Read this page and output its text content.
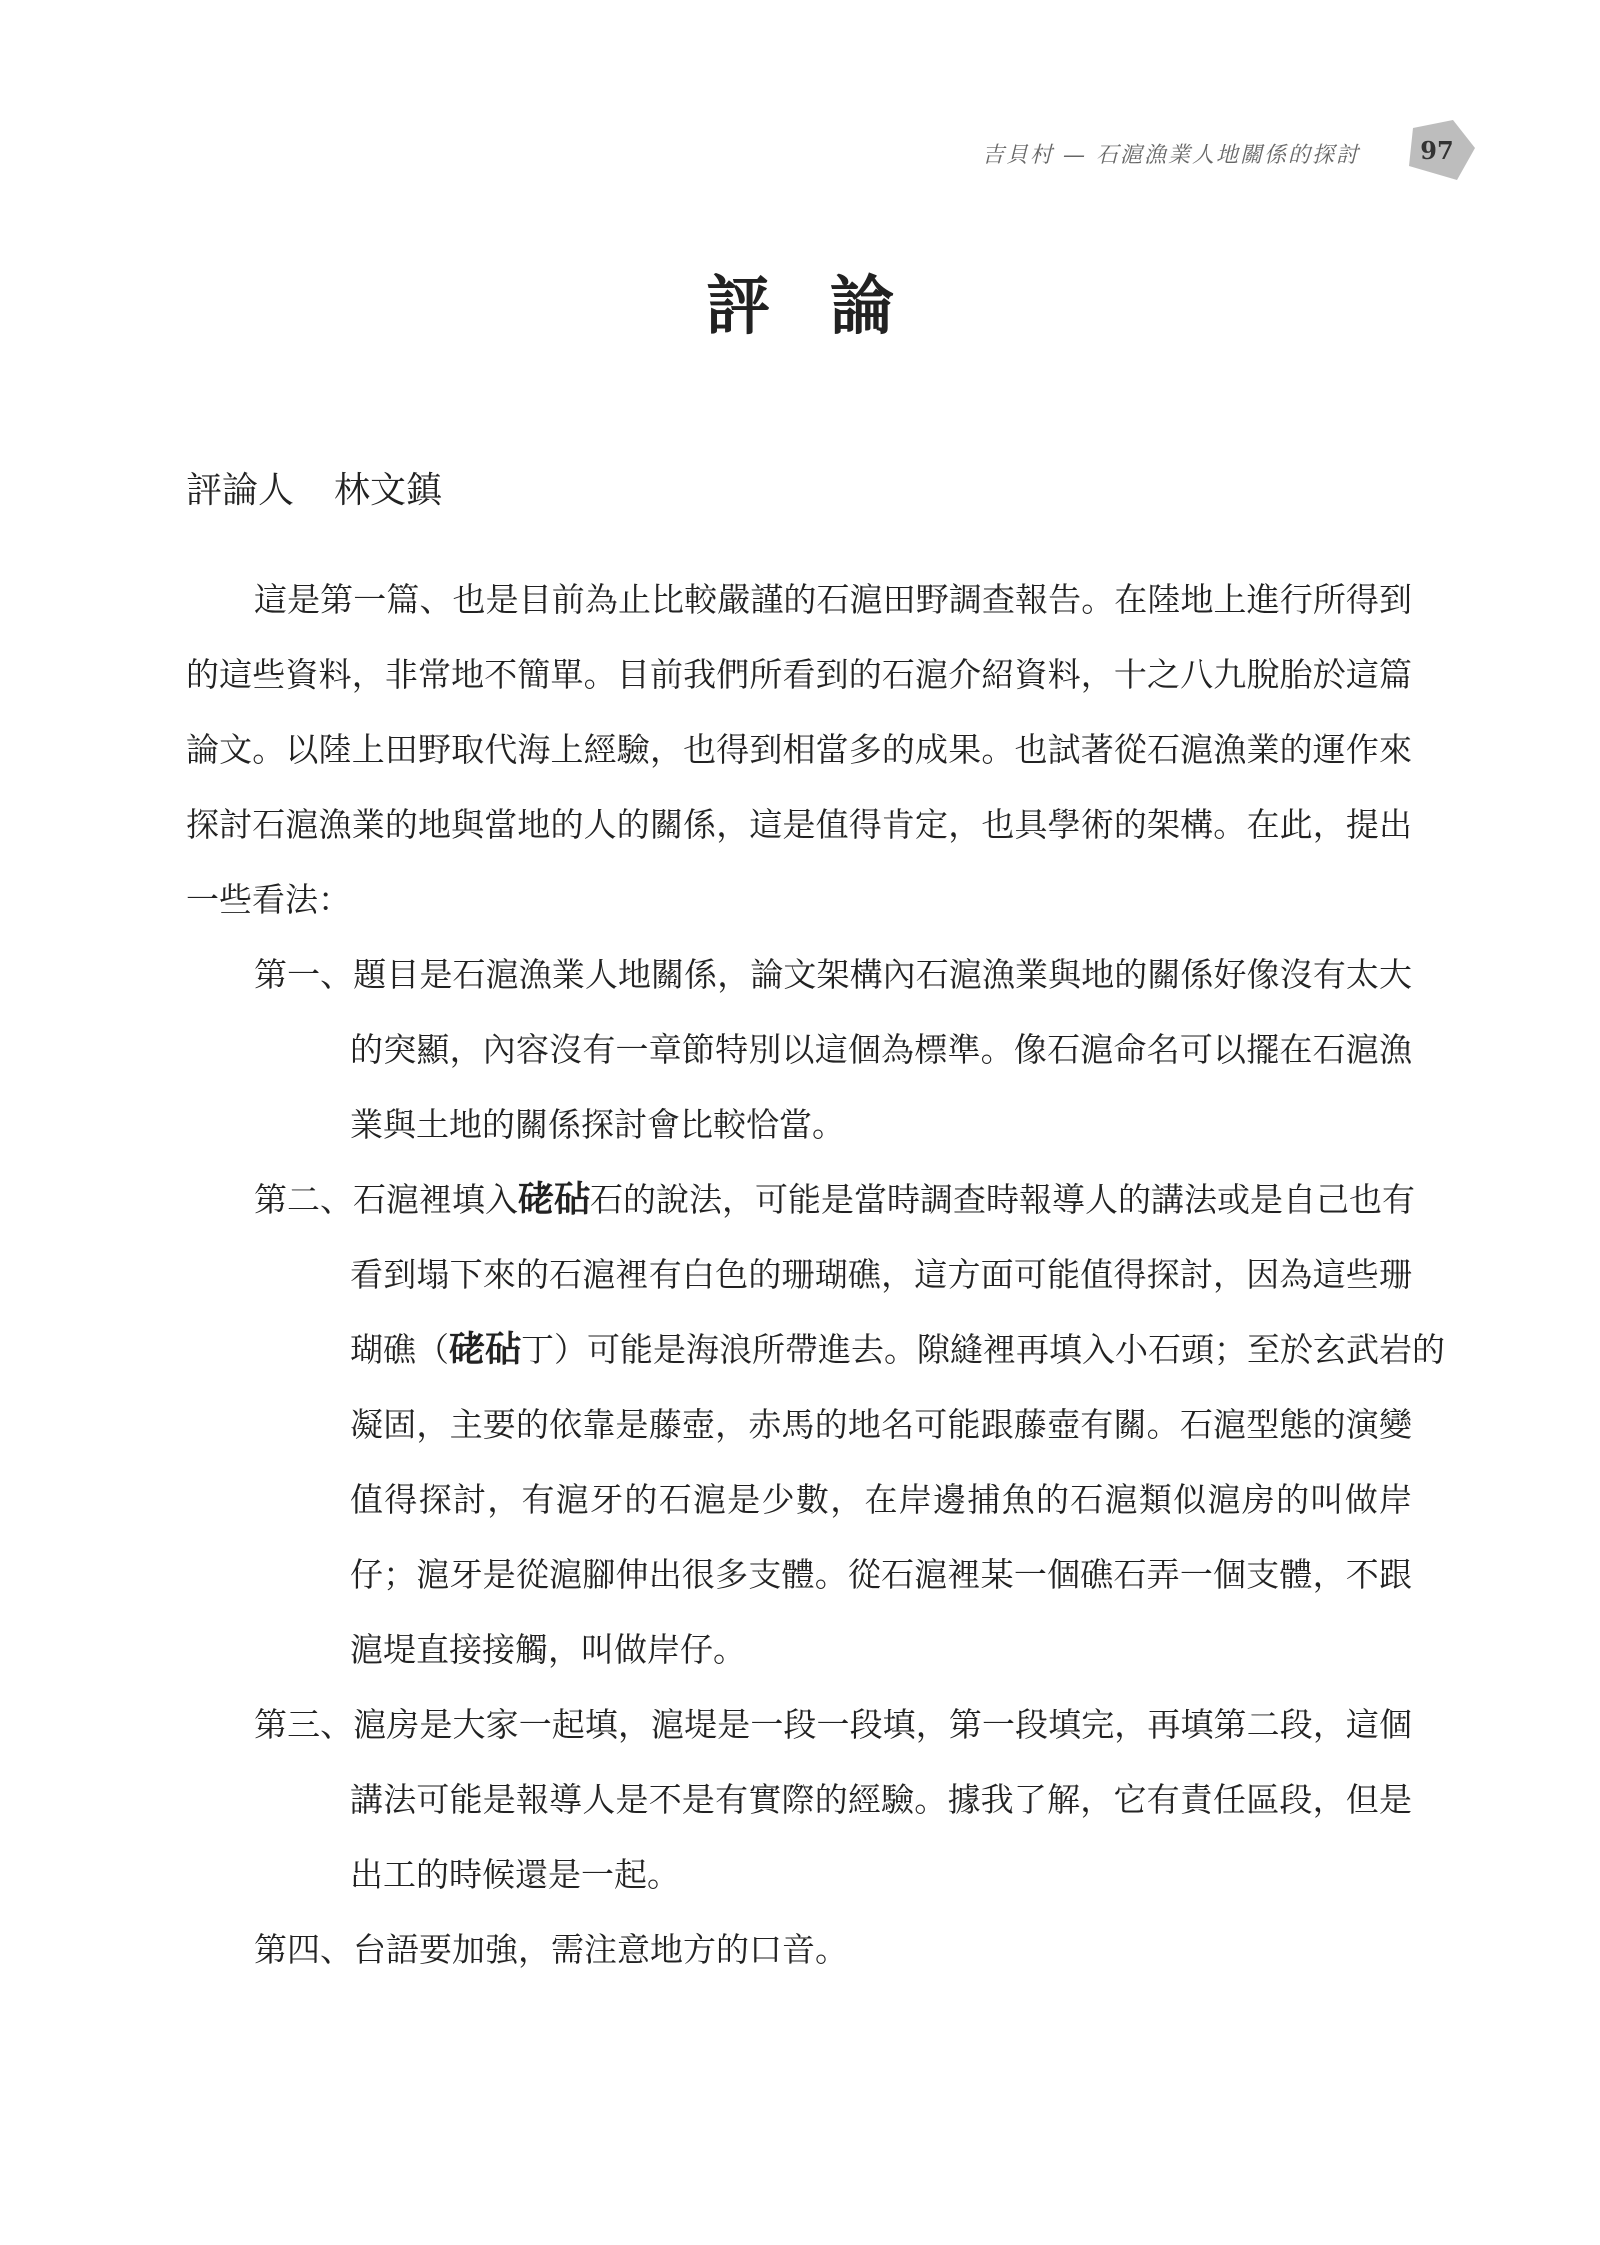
吉貝村 — 石滬漁業人地關係的探討	97
評論
評論人 林文鎮
這是第一篇、也是目前為止比較嚴謹的石滬田野調查報告。在陸地上進行所得到
的這些資料，非常地不簡單。目前我們所看到的石滬介紹資料，十之八九脫胎於這篇
論文。以陸上田野取代海上經驗，也得到相當多的成果。也試著從石滬漁業的運作來
探討石滬漁業的地與當地的人的關係，這是值得肯定，也具學術的架構。在此，提出
一些看法：
第一、題目是石滬漁業人地關係，論文架構內石滬漁業與地的關係好像沒有太大
的突顯，內容沒有一章節特別以這個為標準。像石滬命名可以擺在石滬漁
業與土地的關係探討會比較恰當。
第二、石滬裡填入硓砧石的說法，可能是當時調查時報導人的講法或是自己也有
看到塌下來的石滬裡有白色的珊瑚礁，這方面可能值得探討，因為這些珊
瑚礁（硓砧丁）可能是海浪所帶進去。隙縫裡再填入小石頭；至於玄武岩的
凝固，主要的依靠是藤壺，赤馬的地名可能跟藤壺有關。石滬型態的演變
值得探討，有滬牙的石滬是少數，在岸邊捕魚的石滬類似滬房的叫做岸
仔；滬牙是從滬腳伸出很多支體。從石滬裡某一個礁石弄一個支體，不跟
滬堤直接接觸，叫做岸仔。
第三、滬房是大家一起填，滬堤是一段一段填，第一段填完，再填第二段，這個
講法可能是報導人是不是有實際的經驗。據我了解，它有責任區段，但是
出工的時候還是一起。
第四、台語要加強，需注意地方的口音。
